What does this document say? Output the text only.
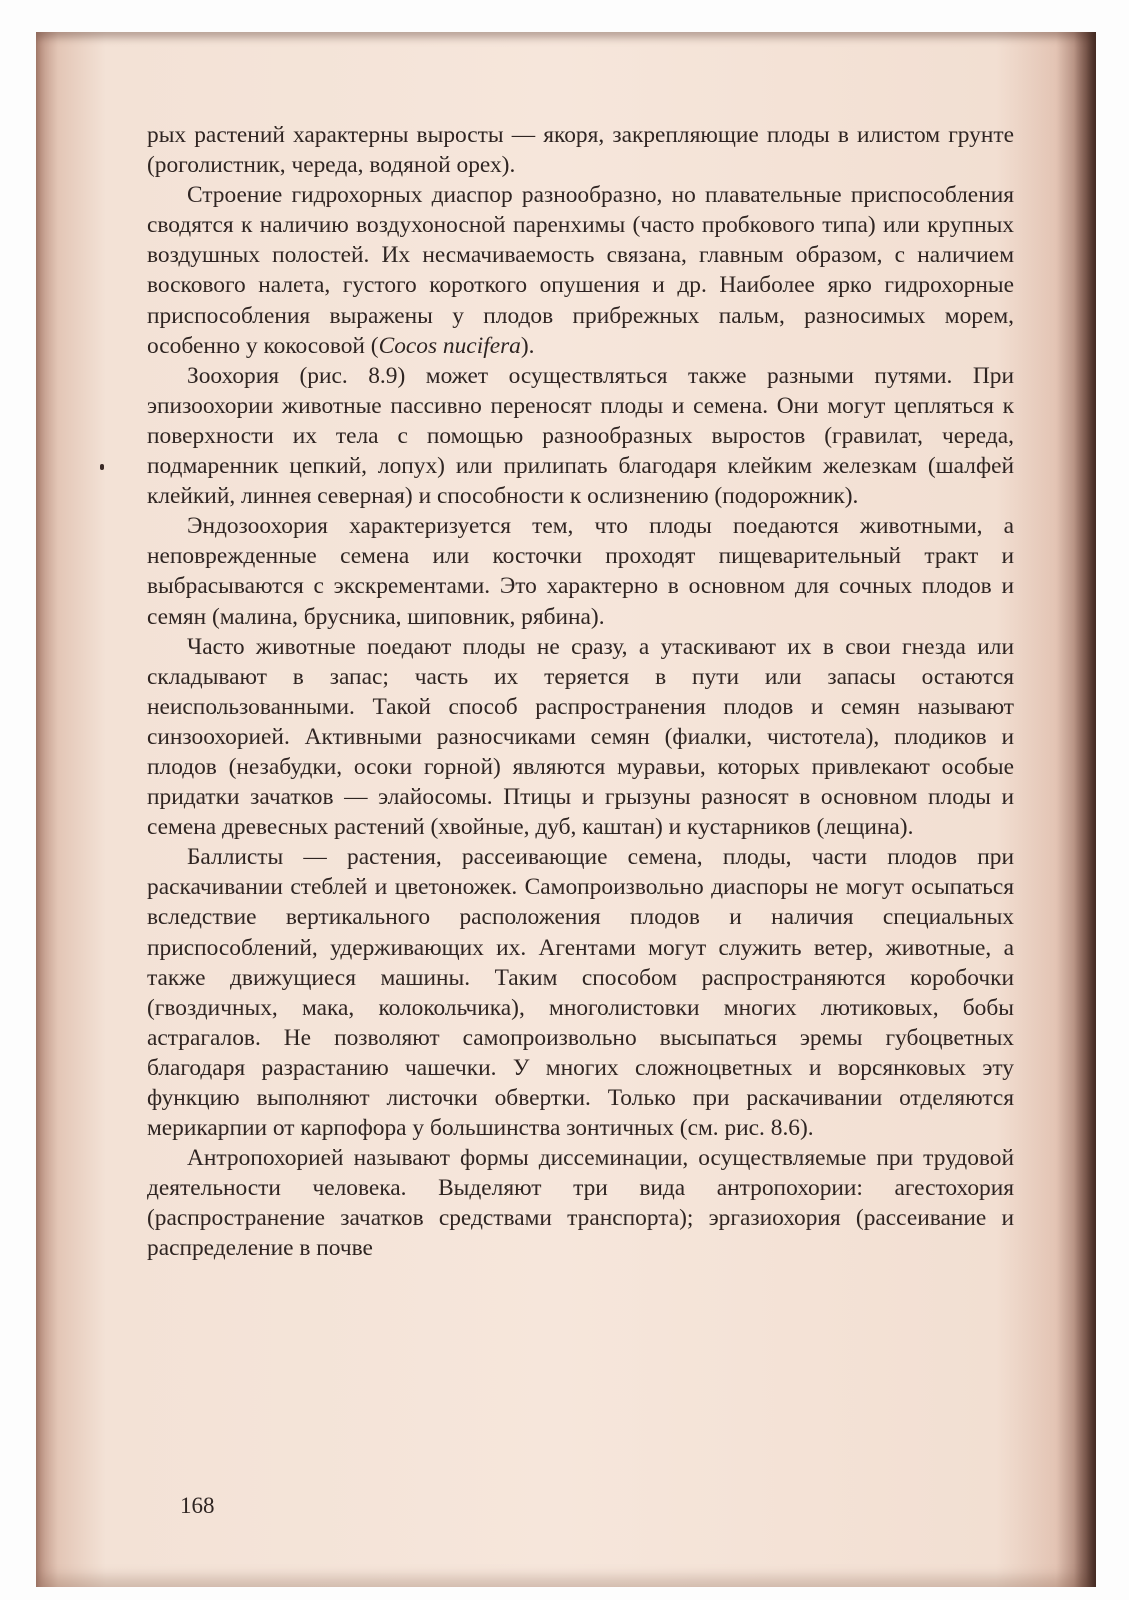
рых растений характерны выросты — якоря, закрепляющие плоды в илистом грунте (роголистник, череда, водяной орех).

Строение гидрохорных диаспор разнообразно, но плавательные приспособления сводятся к наличию воздухоносной паренхимы (часто пробкового типа) или крупных воздушных полостей. Их несмачиваемость связана, главным образом, с наличием воскового налета, густого короткого опушения и др. Наиболее ярко гидрохорные приспособления выражены у плодов прибрежных пальм, разносимых морем, особенно у кокосовой (Cocos nucifera).

Зоохория (рис. 8.9) может осуществляться также разными путями. При эпизоохории животные пассивно переносят плоды и семена. Они могут цепляться к поверхности их тела с помощью разнообразных выростов (гравилат, череда, подмаренник цепкий, лопух) или прилипать благодаря клейким железкам (шалфей клейкий, линнея северная) и способности к ослизнению (подорожник).

Эндозоохория характеризуется тем, что плоды поедаются животными, а неповрежденные семена или косточки проходят пищеварительный тракт и выбрасываются с экскрементами. Это характерно в основном для сочных плодов и семян (малина, брусника, шиповник, рябина).

Часто животные поедают плоды не сразу, а утаскивают их в свои гнезда или складывают в запас; часть их теряется в пути или запасы остаются неиспользованными. Такой способ распространения плодов и семян называют синзоохорией. Активными разносчиками семян (фиалки, чистотела), плодиков и плодов (незабудки, осоки горной) являются муравьи, которых привлекают особые придатки зачатков — элайосомы. Птицы и грызуны разносят в основном плоды и семена древесных растений (хвойные, дуб, каштан) и кустарников (лещина).

Баллисты — растения, рассеивающие семена, плоды, части плодов при раскачивании стеблей и цветоножек. Самопроизвольно диаспоры не могут осыпаться вследствие вертикального расположения плодов и наличия специальных приспособлений, удерживающих их. Агентами могут служить ветер, животные, а также движущиеся машины. Таким способом распространяются коробочки (гвоздичных, мака, колокольчика), многолистовки многих лютиковых, бобы астрагалов. Не позволяют самопроизвольно высыпаться эремы губоцветных благодаря разрастанию чашечки. У многих сложноцветных и ворсянковых эту функцию выполняют листочки обвертки. Только при раскачивании отделяются мерикарпии от карпофора у большинства зонтичных (см. рис. 8.6).

Антропохорией называют формы диссеминации, осуществляемые при трудовой деятельности человека. Выделяют три вида антропохории: агестохория (распространение зачатков средствами транспорта); эргазиохория (рассеивание и распределение в почве

168
